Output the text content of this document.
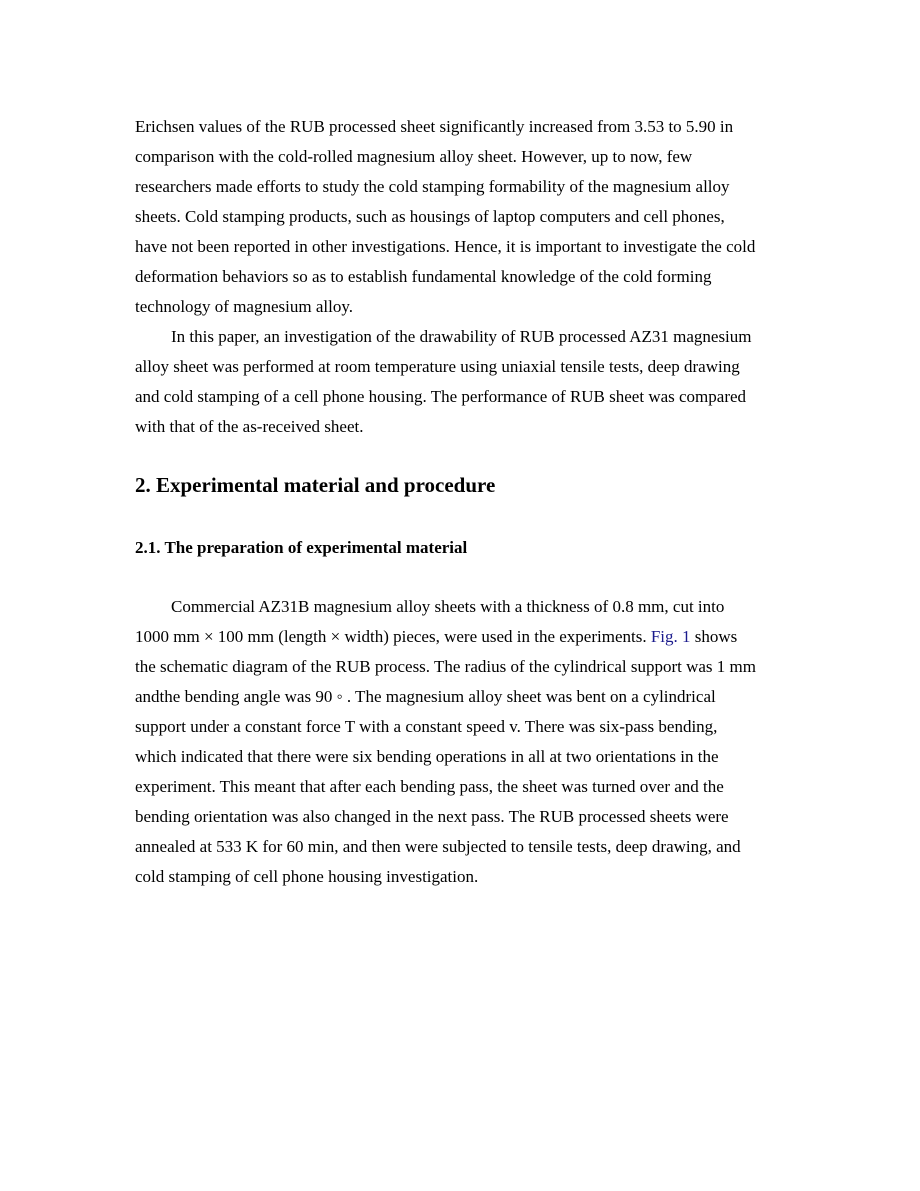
Erichsen values of the RUB processed sheet significantly increased from 3.53 to 5.90 in
comparison with the cold-rolled magnesium alloy sheet. However, up to now, few
researchers made efforts to study the cold stamping formability of the magnesium alloy
sheets. Cold stamping products, such as housings of laptop computers and cell phones,
have not been reported in other investigations. Hence, it is important to investigate the cold
deformation behaviors so as to establish fundamental knowledge of the cold forming
technology of magnesium alloy.

In this paper, an investigation of the drawability of RUB processed AZ31 magnesium
alloy sheet was performed at room temperature using uniaxial tensile tests, deep drawing
and cold stamping of a cell phone housing. The performance of RUB sheet was compared
with that of the as-received sheet.

2. Experimental material and procedure
2.1. The preparation of experimental material

Commercial AZ31B magnesium alloy sheets with a thickness of 0.8 mm, cut into
1000 mm × 100 mm (length × width) pieces, were used in the experiments. Fig. 1 shows
the schematic diagram of the RUB process. The radius of the cylindrical support was 1 mm
andthe bending angle was 90 ◦ . The magnesium alloy sheet was bent on a cylindrical
support under a constant force T with a constant speed v. There was six-pass bending,
which indicated that there were six bending operations in all at two orientations in the
experiment. This meant that after each bending pass, the sheet was turned over and the
bending orientation was also changed in the next pass. The RUB processed sheets were
annealed at 533 K for 60 min, and then were subjected to tensile tests, deep drawing, and
cold stamping of cell phone housing investigation.
